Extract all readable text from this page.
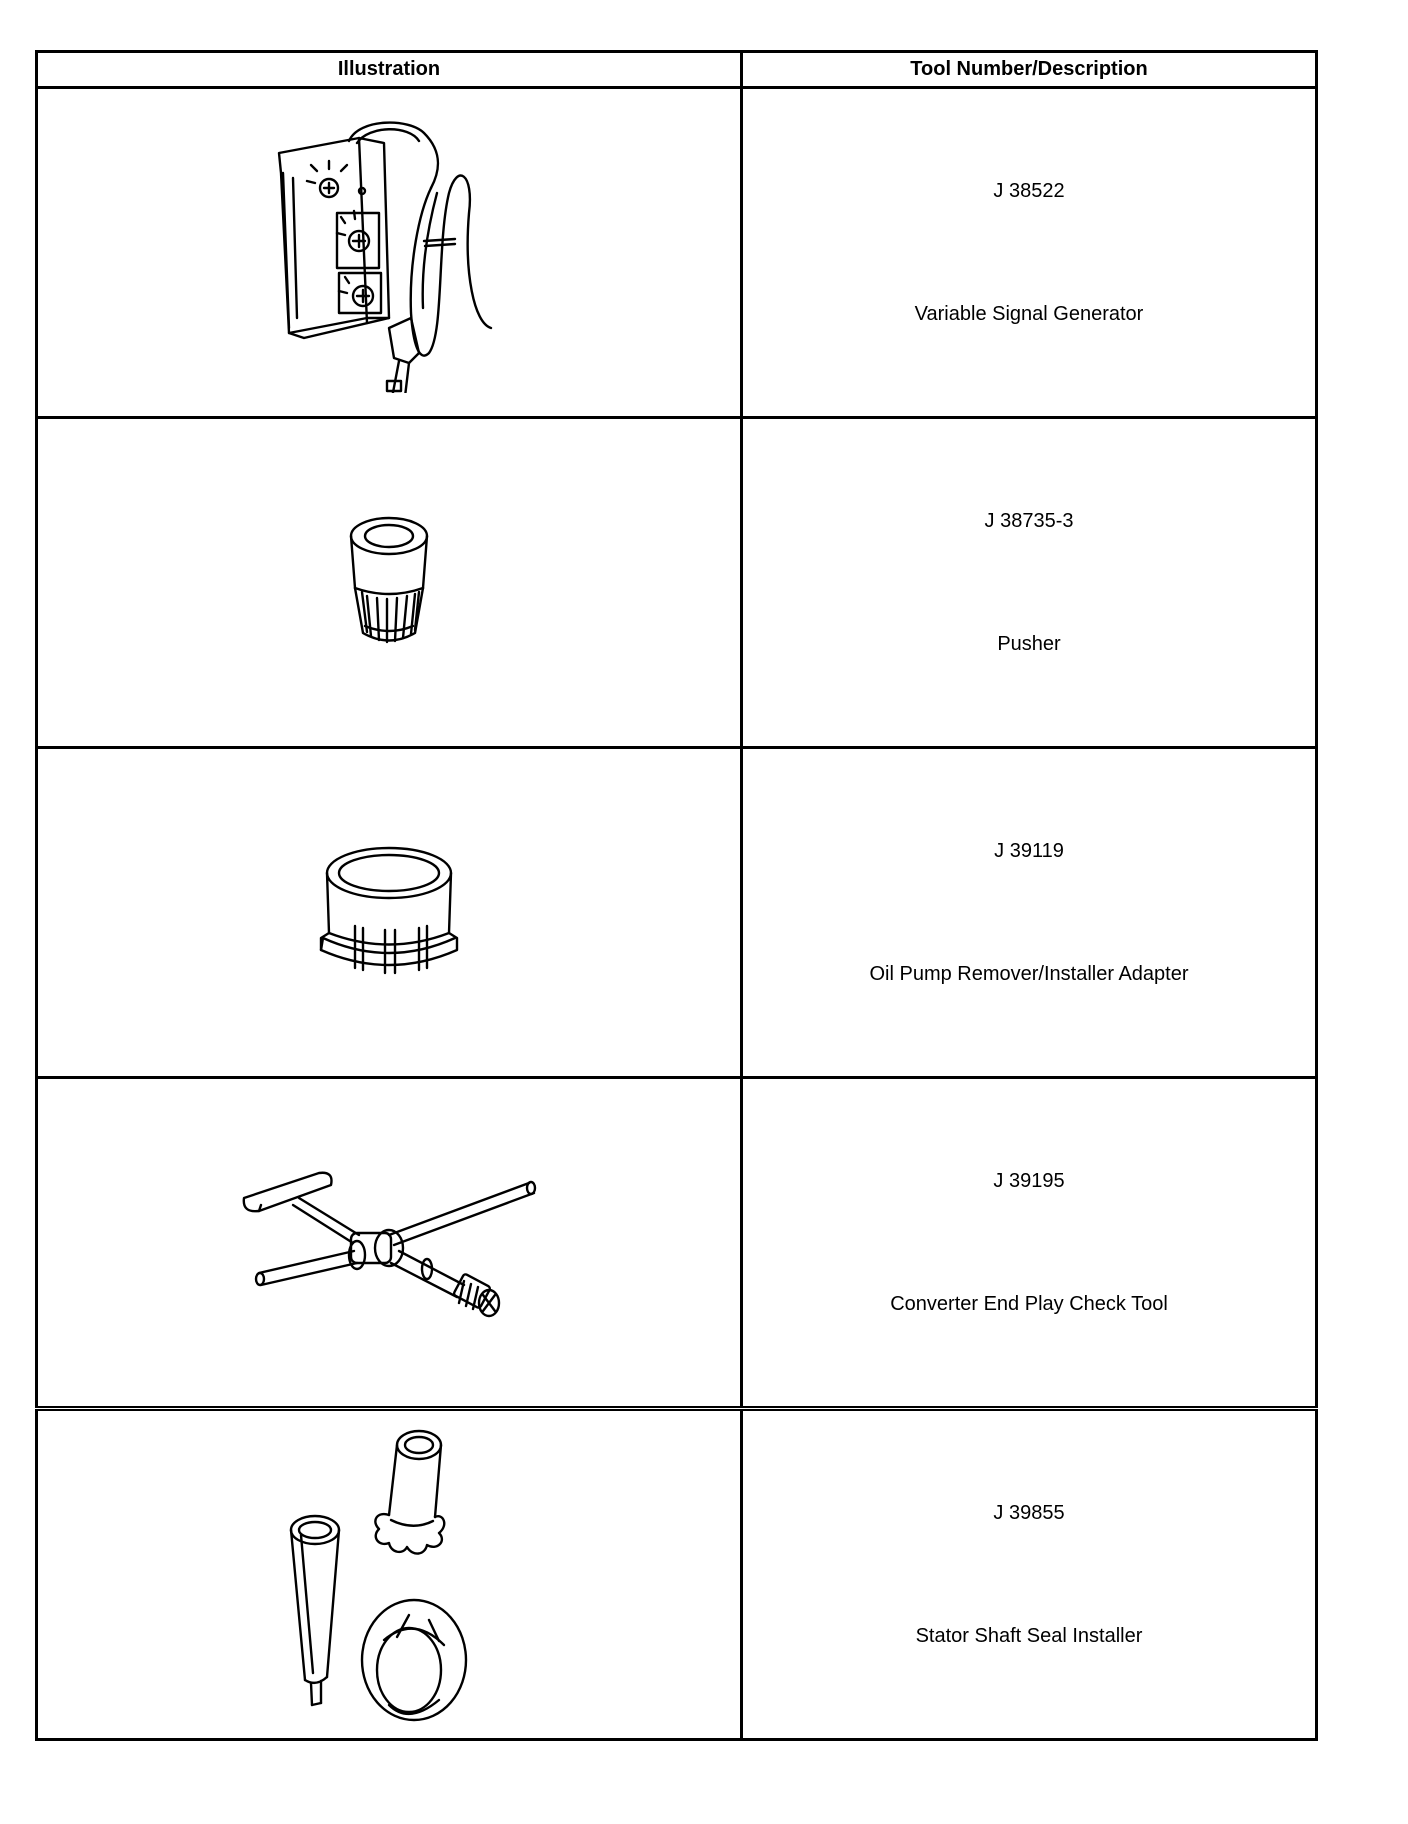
Illustration	Tool Number/Description

J 38522
Variable Signal Generator

J 38735-3
Pusher

J 39119
Oil Pump Remover/Installer Adapter

J 39195
Converter End Play Check Tool

J 39855
Stator Shaft Seal Installer
